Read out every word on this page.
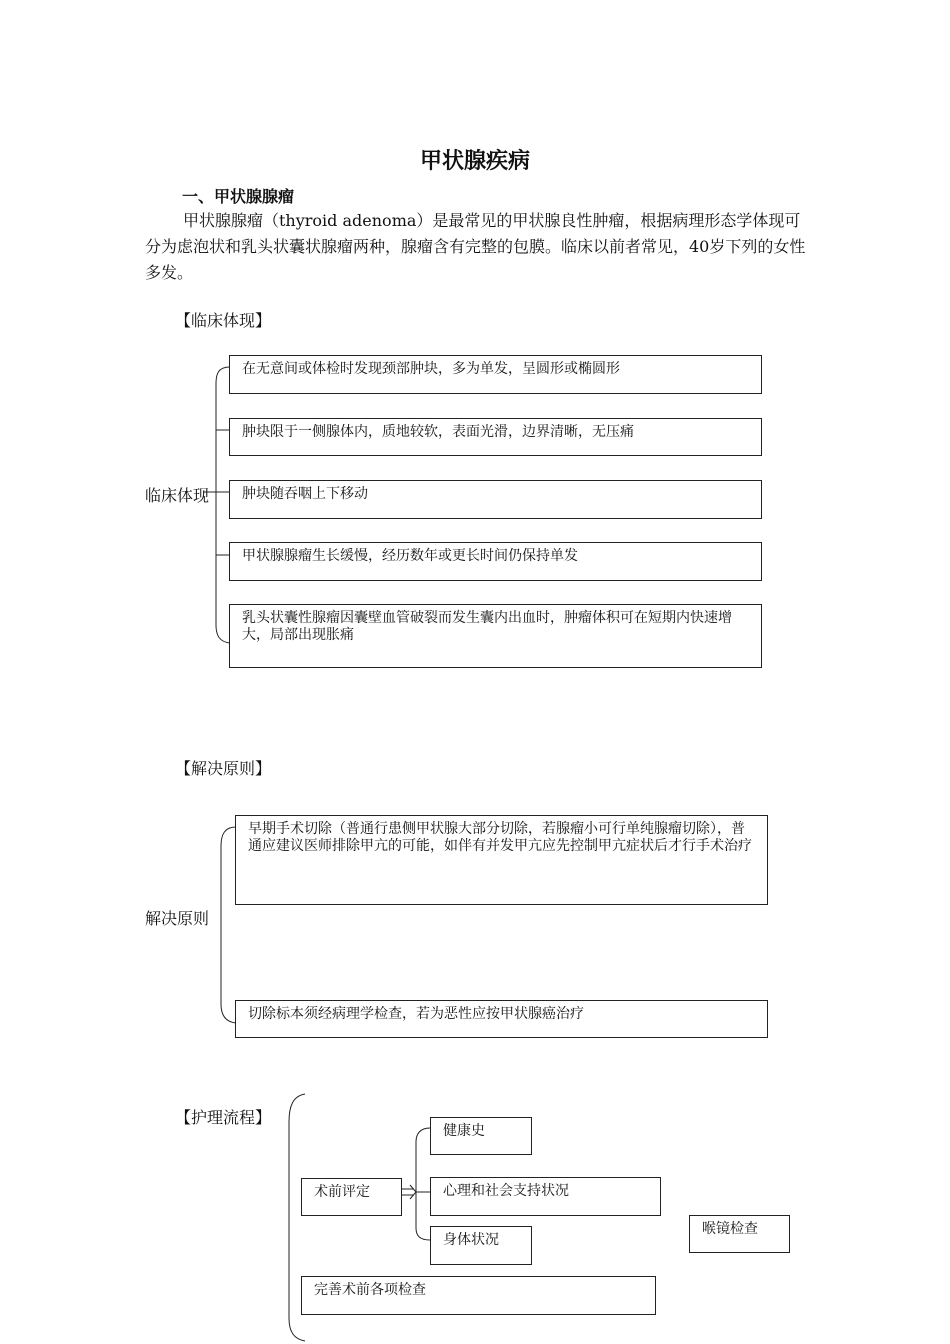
甲状腺疾病
一、甲状腺腺瘤
甲状腺腺瘤（thyroid adenoma）是最常见的甲状腺良性肿瘤，根据病理形态学体现可分为虑泡状和乳头状囊状腺瘤两种，腺瘤含有完整的包膜。临床以前者常见，40岁下列的女性多发。
【临床体现】
临床体现
在无意间或体检时发现颈部肿块，多为单发，呈圆形或椭圆形
肿块限于一侧腺体内，质地较软，表面光滑，边界清晰，无压痛
肿块随吞咽上下移动
甲状腺腺瘤生长缓慢，经历数年或更长时间仍保持单发
乳头状囊性腺瘤因囊壁血管破裂而发生囊内出血时，肿瘤体积可在短期内快速增大，局部出现胀痛
【解决原则】
解决原则
早期手术切除（普通行患侧甲状腺大部分切除，若腺瘤小可行单纯腺瘤切除），普通应建议医师排除甲亢的可能，如伴有并发甲亢应先控制甲亢症状后才行手术治疗
切除标本须经病理学检查，若为恶性应按甲状腺癌治疗
【护理流程】
术前评定
健康史
心理和社会支持状况
身体状况
喉镜检查
完善术前各项检查
